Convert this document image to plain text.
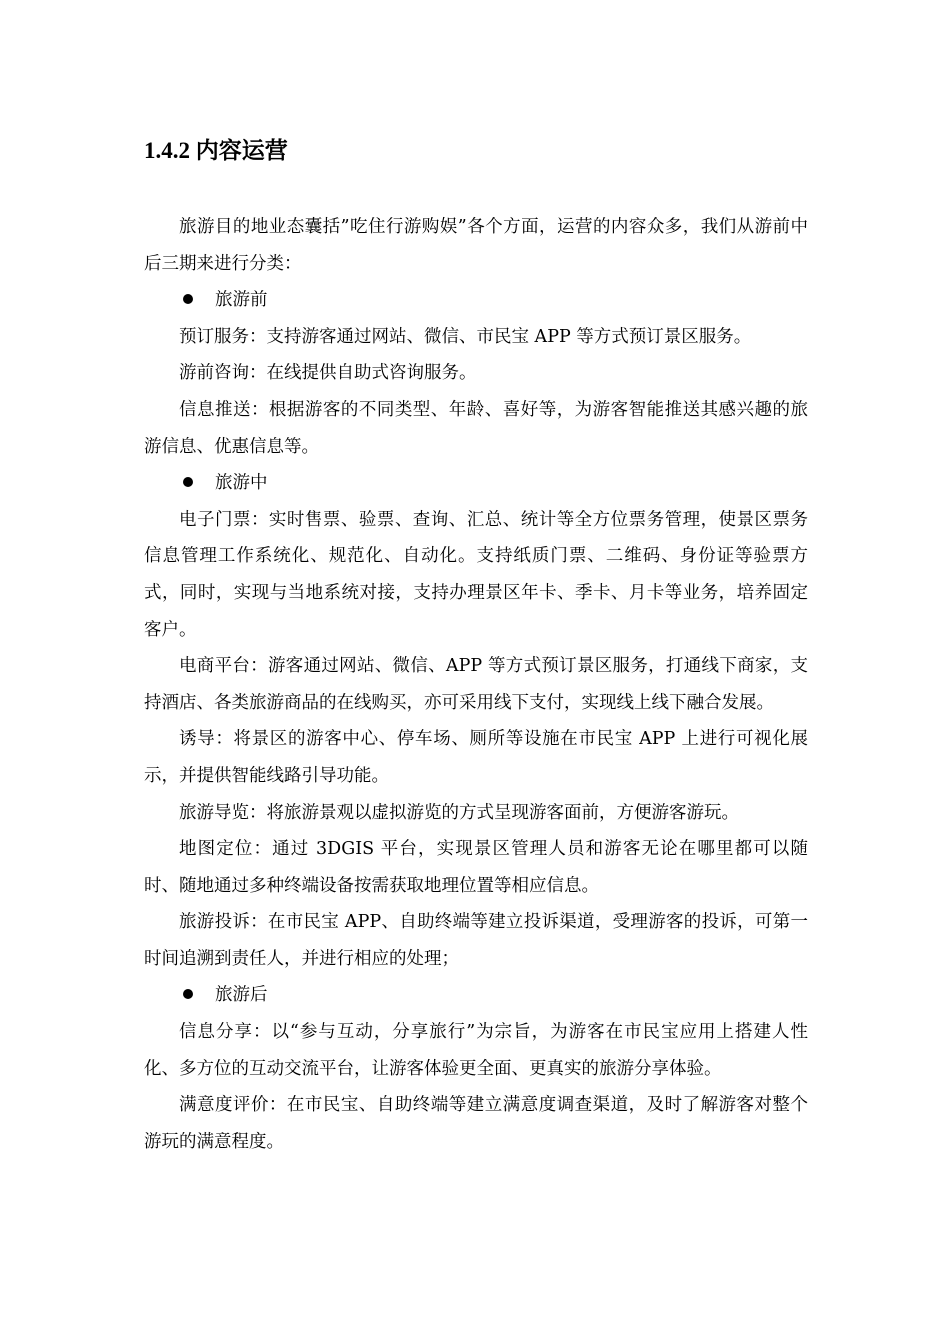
1.4.2 内容运营

旅游目的地业态囊括”吃住行游购娱”各个方面，运营的内容众多，我们从游前中后三期来进行分类：

旅游前

预订服务：支持游客通过网站、微信、市民宝 APP 等方式预订景区服务。

游前咨询：在线提供自助式咨询服务。

信息推送：根据游客的不同类型、年龄、喜好等，为游客智能推送其感兴趣的旅游信息、优惠信息等。

旅游中

电子门票：实时售票、验票、查询、汇总、统计等全方位票务管理，使景区票务信息管理工作系统化、规范化、自动化。支持纸质门票、二维码、身份证等验票方式，同时，实现与当地系统对接，支持办理景区年卡、季卡、月卡等业务，培养固定客户。

电商平台：游客通过网站、微信、APP 等方式预订景区服务，打通线下商家，支持酒店、各类旅游商品的在线购买，亦可采用线下支付，实现线上线下融合发展。

诱导：将景区的游客中心、停车场、厕所等设施在市民宝 APP 上进行可视化展示，并提供智能线路引导功能。

旅游导览：将旅游景观以虚拟游览的方式呈现游客面前，方便游客游玩。

地图定位：通过 3DGIS 平台，实现景区管理人员和游客无论在哪里都可以随时、随地通过多种终端设备按需获取地理位置等相应信息。

旅游投诉：在市民宝 APP、自助终端等建立投诉渠道，受理游客的投诉，可第一时间追溯到责任人，并进行相应的处理；

旅游后

信息分享：以“参与互动，分享旅行”为宗旨，为游客在市民宝应用上搭建人性化、多方位的互动交流平台，让游客体验更全面、更真实的旅游分享体验。

满意度评价：在市民宝、自助终端等建立满意度调查渠道，及时了解游客对整个游玩的满意程度。
